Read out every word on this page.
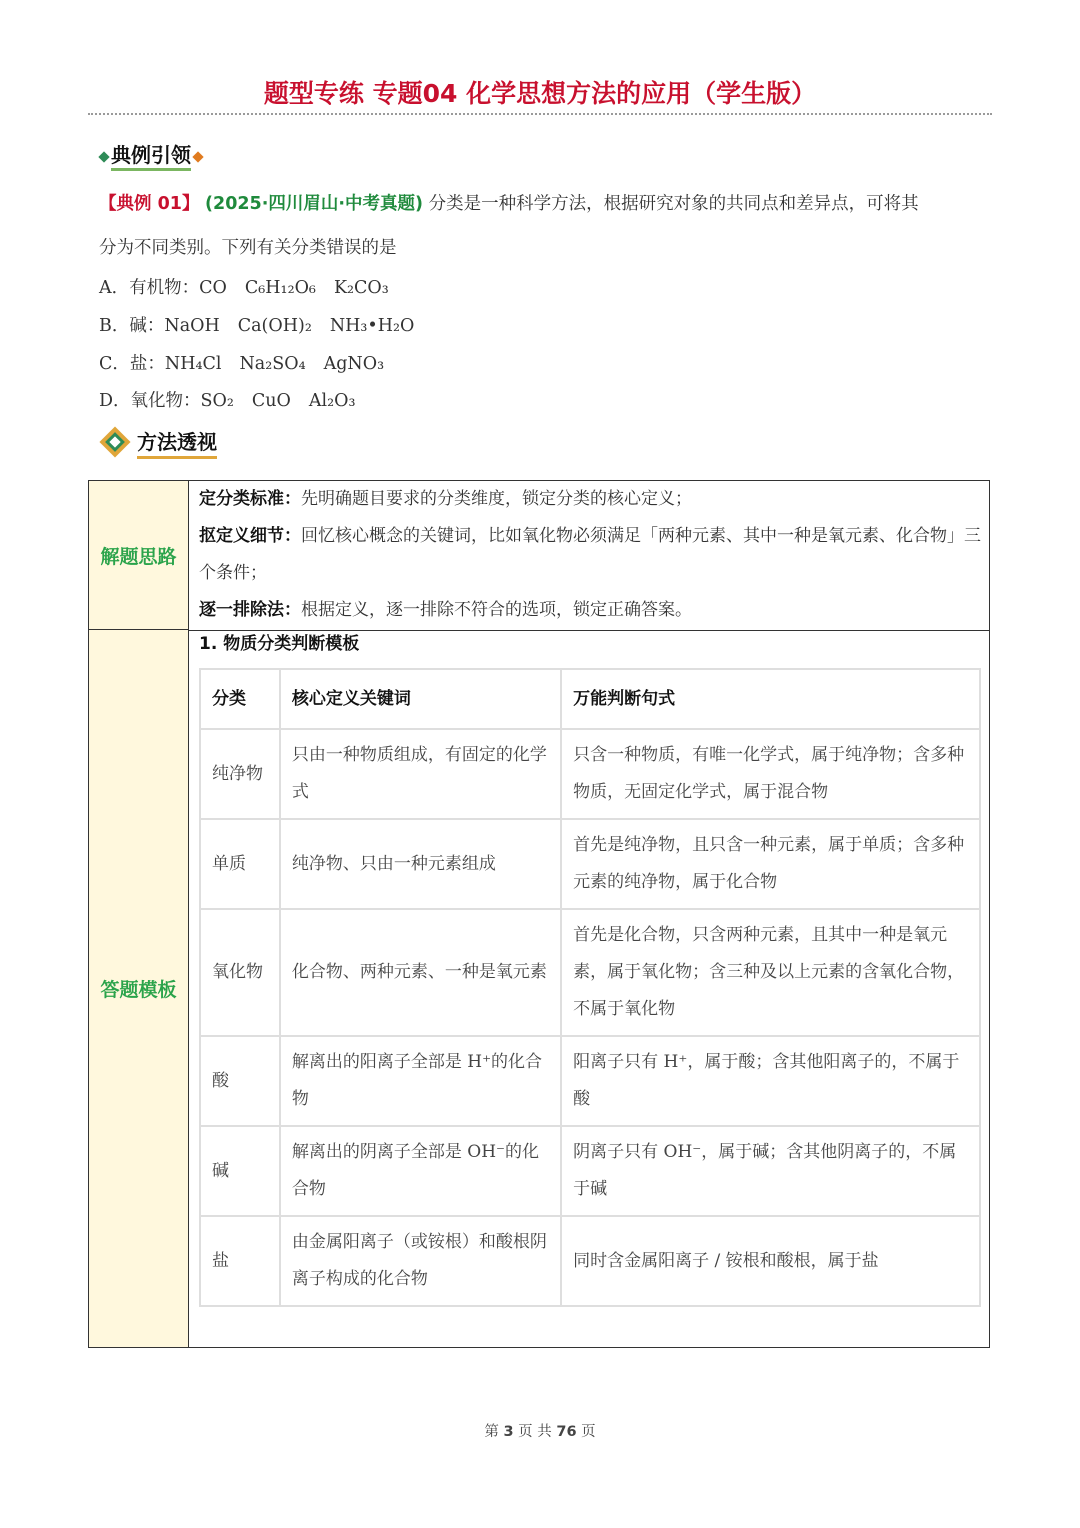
题型专练 专题04 化学思想方法的应用（学生版）
典例引领
【典例 01】 (2025·四川眉山·中考真题) 分类是一种科学方法，根据研究对象的共同点和差异点，可将其
分为不同类别。下列有关分类错误的是
A．有机物：CO C₆H₁₂O₆ K₂CO₃
B．碱：NaOH Ca(OH)₂ NH₃•H₂O
C．盐：NH₄Cl Na₂SO₄ AgNO₃
D．氧化物：SO₂ CuO Al₂O₃
方法透视
解题思路
答题模板
定分类标准：先明确题目要求的分类维度，锁定分类的核心定义；
抠定义细节：回忆核心概念的关键词，比如氧化物必须满足「两种元素、其中一种是氧元素、化合物」三个条件；
逐一排除法：根据定义，逐一排除不符合的选项，锁定正确答案。
1. 物质分类判断模板
分类	核心定义关键词	万能判断句式
纯净物	只由一种物质组成，有固定的化学式	只含一种物质，有唯一化学式，属于纯净物；含多种物质，无固定化学式，属于混合物
单质	纯净物、只由一种元素组成	首先是纯净物，且只含一种元素，属于单质；含多种元素的纯净物，属于化合物
氧化物	化合物、两种元素、一种是氧元素	首先是化合物，只含两种元素，且其中一种是氧元素，属于氧化物；含三种及以上元素的含氧化合物，不属于氧化物
酸	解离出的阳离子全部是 H⁺的化合物	阳离子只有 H⁺，属于酸；含其他阳离子的，不属于酸
碱	解离出的阴离子全部是 OH⁻的化合物	阴离子只有 OH⁻，属于碱；含其他阴离子的，不属于碱
盐	由金属阳离子（或铵根）和酸根阴离子构成的化合物	同时含金属阳离子 / 铵根和酸根，属于盐
第 3 页 共 76 页
